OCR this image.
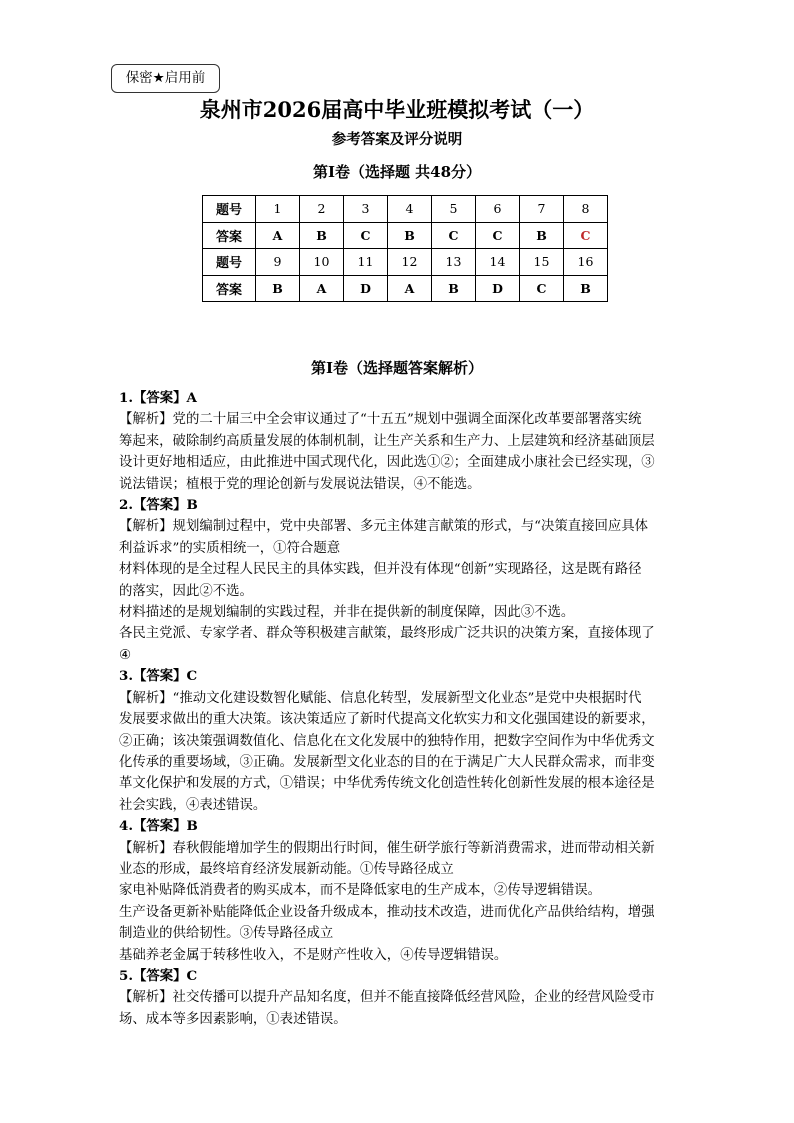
保密★启用前
泉州市2026届高中毕业班模拟考试（一）
参考答案及评分说明
第Ⅰ卷（选择题 共48分）
题号	1	2	3	4	5	6	7	8
答案	A	B	C	B	C	C	B	C
题号	9	10	11	12	13	14	15	16
答案	B	A	D	A	B	D	C	B
第Ⅰ卷（选择题答案解析）

1.【答案】A

【解析】党的二十届三中全会审议通过了“十五五”规划中强调全面深化改革要部署落实统

筹起来，破除制约高质量发展的体制机制，让生产关系和生产力、上层建筑和经济基础顶层

设计更好地相适应，由此推进中国式现代化，因此选①②；全面建成小康社会已经实现，③

说法错误；植根于党的理论创新与发展说法错误，④不能选。

2.【答案】B

【解析】规划编制过程中，党中央部署、多元主体建言献策的形式，与“决策直接回应具体

利益诉求”的实质相统一，①符合题意

材料体现的是全过程人民民主的具体实践，但并没有体现“创新”实现路径，这是既有路径

的落实，因此②不选。

材料描述的是规划编制的实践过程，并非在提供新的制度保障，因此③不选。

各民主党派、专家学者、群众等积极建言献策，最终形成广泛共识的决策方案，直接体现了

④

3.【答案】C

【解析】“推动文化建设数智化赋能、信息化转型，发展新型文化业态”是党中央根据时代

发展要求做出的重大决策。该决策适应了新时代提高文化软实力和文化强国建设的新要求，

②正确；该决策强调数值化、信息化在文化发展中的独特作用，把数字空间作为中华优秀文

化传承的重要场域，③正确。发展新型文化业态的目的在于满足广大人民群众需求，而非变

革文化保护和发展的方式，①错误；中华优秀传统文化创造性转化创新性发展的根本途径是

社会实践，④表述错误。

4.【答案】B

【解析】春秋假能增加学生的假期出行时间，催生研学旅行等新消费需求，进而带动相关新

业态的形成，最终培育经济发展新动能。①传导路径成立

家电补贴降低消费者的购买成本，而不是降低家电的生产成本，②传导逻辑错误。

生产设备更新补贴能降低企业设备升级成本，推动技术改造，进而优化产品供给结构，增强

制造业的供给韧性。③传导路径成立

基础养老金属于转移性收入，不是财产性收入，④传导逻辑错误。

5.【答案】C

【解析】社交传播可以提升产品知名度，但并不能直接降低经营风险，企业的经营风险受市

场、成本等多因素影响，①表述错误。
